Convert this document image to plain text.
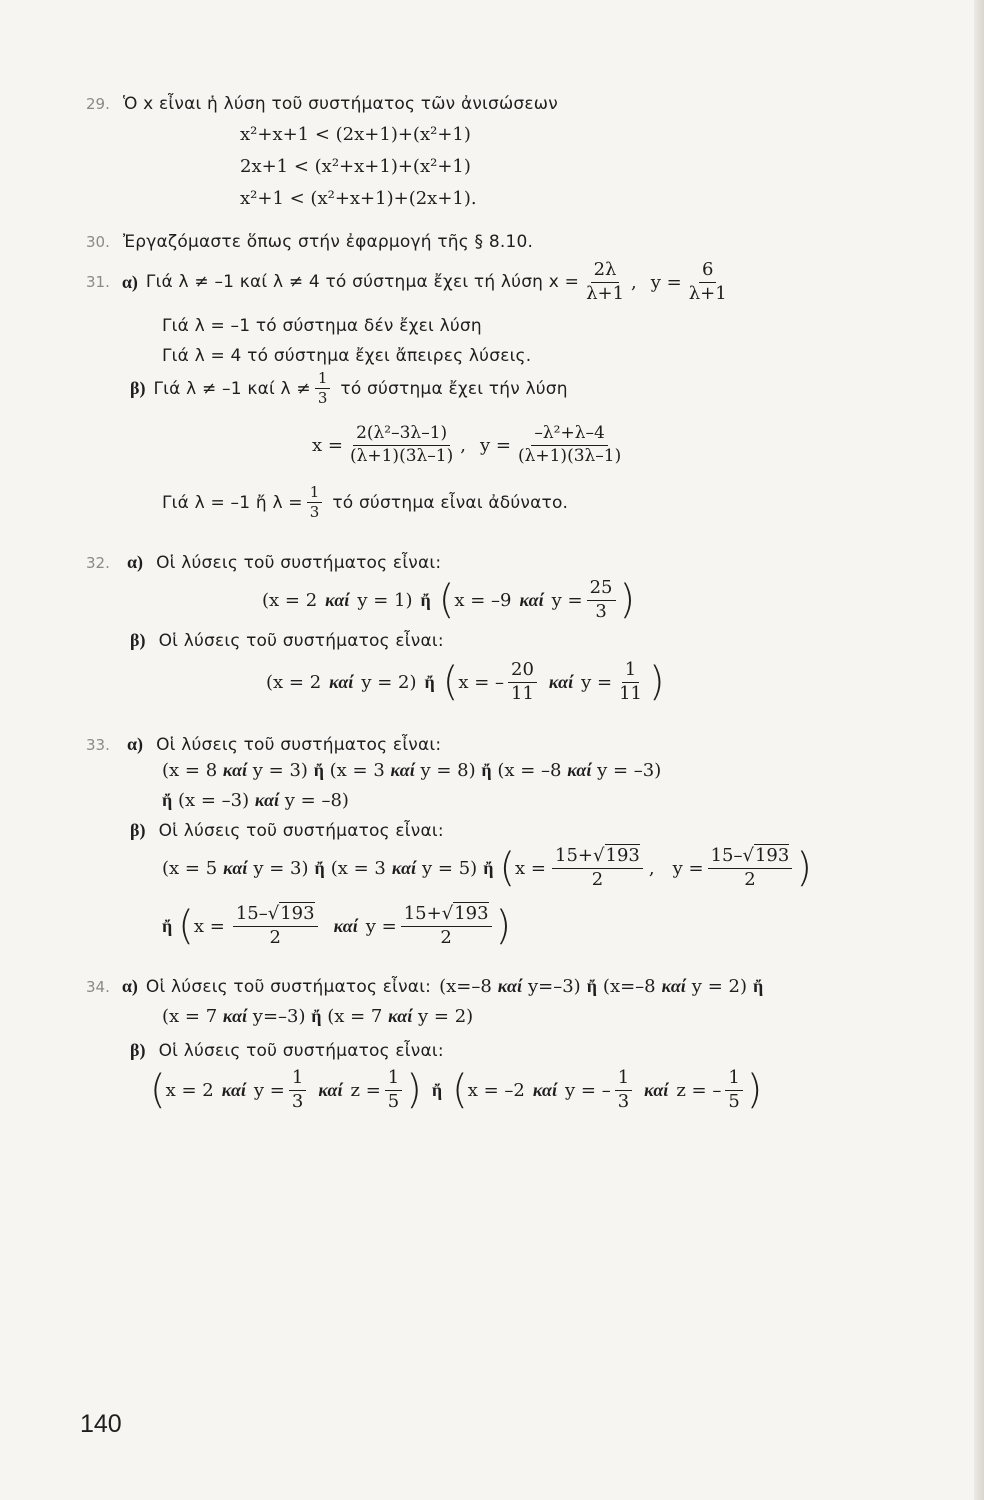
29. Ὁ x εἶναι ἡ λύση τοῦ συστήματος τῶν ἀνισώσεων
x²+x+1 < (2x+1)+(x²+1)
2x+1 < (x²+x+1)+(x²+1)
x²+1 < (x²+x+1)+(2x+1).
30. Ἐργαζόμαστε ὅπως στήν ἐφαρμογή τῆς § 8.10.
31. α) Γιά λ ≠ –1 καί λ ≠ 4 τό σύστημα ἔχει τή λύση $x = \frac{2\lambda}{\lambda+1}$ , $y = \frac{6}{\lambda+1}$
Γιά λ = –1 τό σύστημα δέν ἔχει λύση
Γιά λ = 4 τό σύστημα ἔχει ἄπειρες λύσεις.
β) Γιά λ ≠ –1 καί $\lambda \ne \frac{1}{3}$ τό σύστημα ἔχει τήν λύση
$x = \frac{\text{2(λ²–3λ–1)}}{(\lambda+1)(3\lambda-1)}$ , $y = \frac{\text{–λ²+λ–4}}{(\lambda+1)(3\lambda-1)}$
Γιά λ = –1 ἤ $\lambda = \frac{1}{3}$ τό σύστημα εἶναι ἀδύνατο.
32. α) Οἱ λύσεις τοῦ συστήματος εἶναι:
(x = 2 καί y = 1) ἤ ( x = –9 καί $y = \frac{25}{3}$ )
β) Οἱ λύσεις τοῦ συστήματος εἶναι:
(x = 2 καί y = 2) ἤ ( x = – $\frac{20}{11}$ καί $y = \frac{1}{11}$ )
33. α) Οἱ λύσεις τοῦ συστήματος εἶναι:
(x = 8 καί y = 3) ἤ (x = 3 καί y = 8) ἤ (x = –8 καί y = –3)
ἤ (x = –3) καί y = –8)
β) Οἱ λύσεις τοῦ συστήματος εἶναι:
(x = 5 καί y = 3) ἤ (x = 3 καί y = 5) ἤ ( $x = \frac{15+√193}{2}$ , $y = \frac{15-√193}{2}$ )
ἤ ( $x = \frac{15-√193}{2}$ καί $y = \frac{15+√193}{2}$ )
34. α) Οἱ λύσεις τοῦ συστήματος εἶναι: (x=–8 καί y=–3) ἤ (x=–8 καί y = 2) ἤ
(x = 7 καί y=–3) ἤ (x = 7 καί y = 2)
β) Οἱ λύσεις τοῦ συστήματος εἶναι:
( x = 2 καί $y = \frac{1}{3}$ καί $z = \frac{1}{5}$ ) ἤ ( x = –2 καί y = – $\frac{1}{3}$ καί z = – $\frac{1}{5}$ )
140
